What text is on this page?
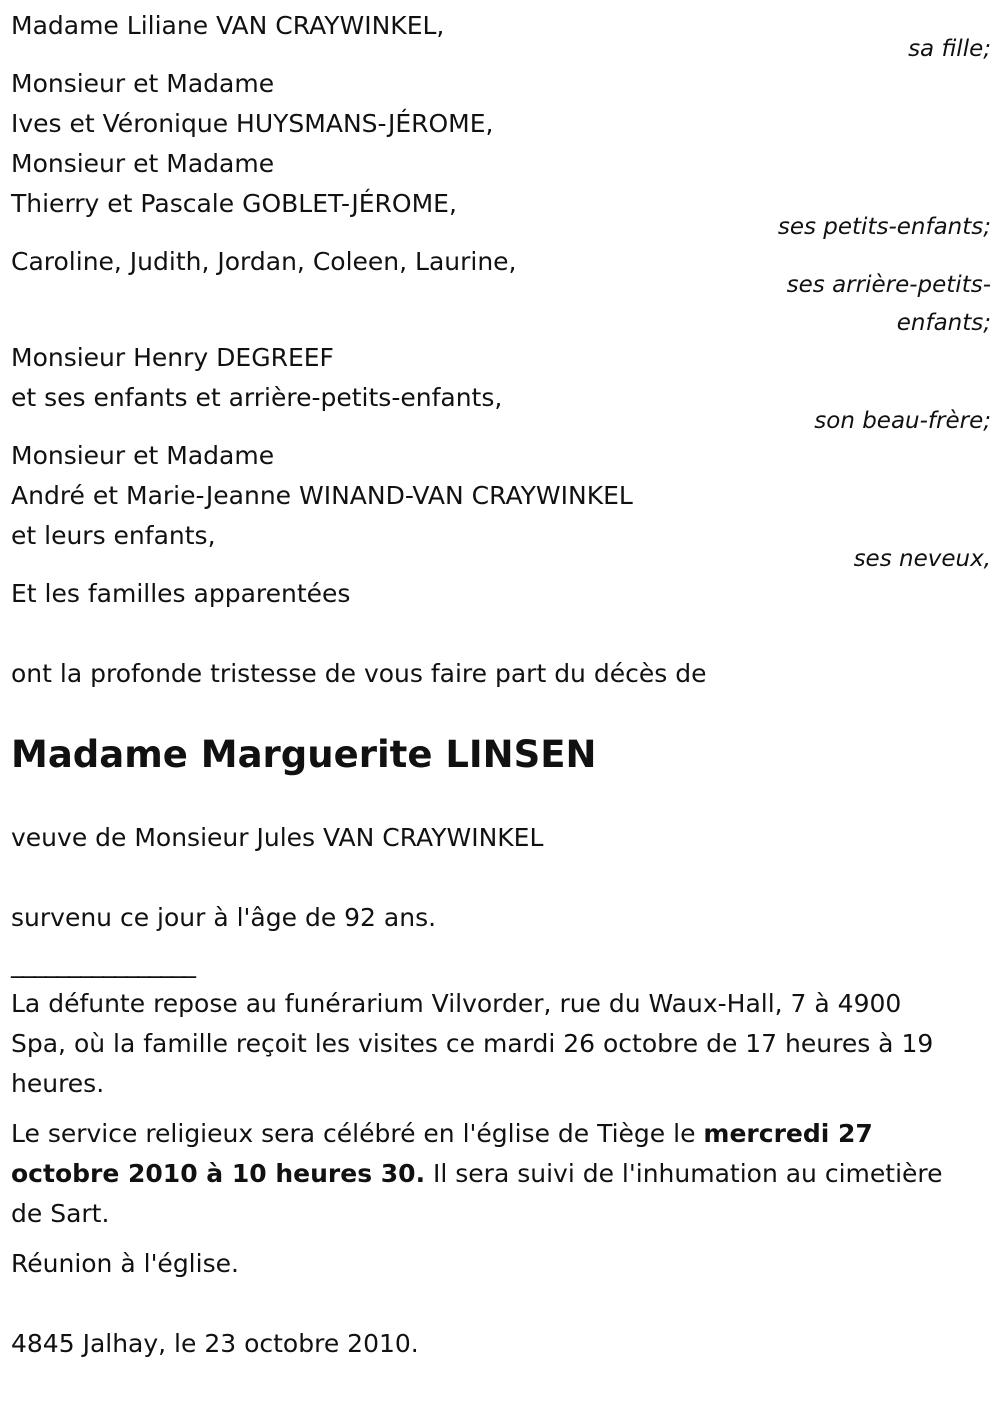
Madame Liliane VAN CRAYWINKEL,
sa fille;
Monsieur et Madame
Ives et Véronique HUYSMANS-JÉROME,
Monsieur et Madame
Thierry et Pascale GOBLET-JÉROME,
ses petits-enfants;
Caroline, Judith, Jordan, Coleen, Laurine,
ses arrière-petits-
enfants;
Monsieur Henry DEGREEF
et ses enfants et arrière-petits-enfants,
son beau-frère;
Monsieur et Madame
André et Marie-Jeanne WINAND-VAN CRAYWINKEL
et leurs enfants,
ses neveux,
Et les familles apparentées
ont la profonde tristesse de vous faire part du décès de
Madame Marguerite LINSEN
veuve de Monsieur Jules VAN CRAYWINKEL
survenu ce jour à l'âge de 92 ans.
________________
La défunte repose au funérarium Vilvorder, rue du Waux-Hall, 7 à 4900
Spa, où la famille reçoit les visites ce mardi 26 octobre de 17 heures à 19
heures.
Le service religieux sera célébré en l'église de Tiège le mercredi 27
octobre 2010 à 10 heures 30. Il sera suivi de l'inhumation au cimetière
de Sart.
Réunion à l'église.
4845 Jalhay, le 23 octobre 2010.
